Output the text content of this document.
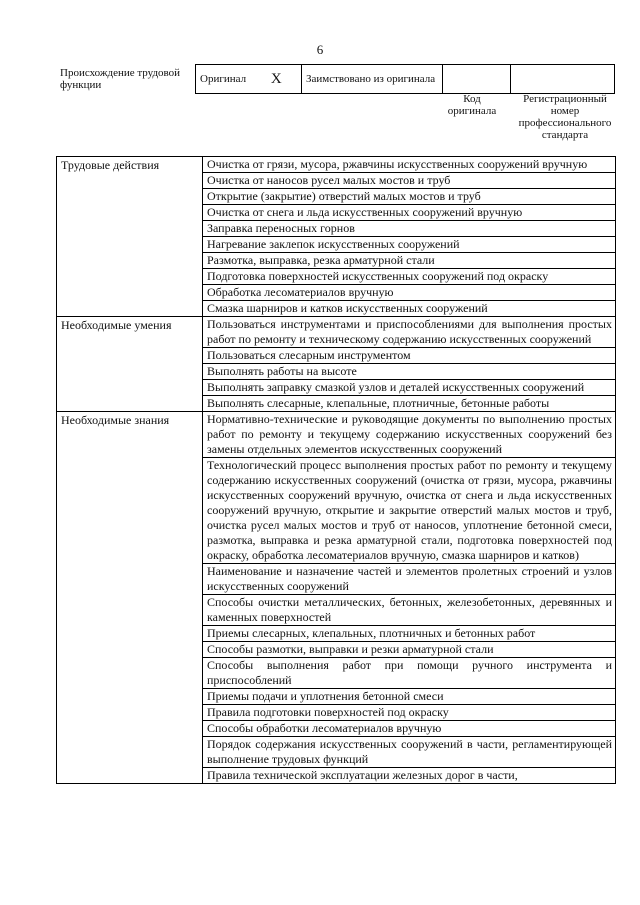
6
Происхождение трудовой функции
Оригинал	X	Заимствовано из оригинала		
Код оригинала
Регистрационный номер профессионального стандарта
Трудовые действия	Очистка от грязи, мусора, ржавчины искусственных сооружений вручную
	Очистка от наносов русел малых мостов и труб
	Открытие (закрытие) отверстий малых мостов и труб
	Очистка от снега и льда искусственных сооружений вручную
	Заправка переносных горнов
	Нагревание заклепок искусственных сооружений
	Размотка, выправка, резка арматурной стали
	Подготовка поверхностей искусственных сооружений под окраску
	Обработка лесоматериалов вручную
	Смазка шарниров и катков искусственных сооружений
Необходимые умения	Пользоваться инструментами и приспособлениями для выполнения простых работ по ремонту и техническому содержанию искусственных сооружений
	Пользоваться слесарным инструментом
	Выполнять работы на высоте
	Выполнять заправку смазкой узлов и деталей искусственных сооружений
	Выполнять слесарные, клепальные, плотничные, бетонные работы
Необходимые знания	Нормативно-технические и руководящие документы по выполнению простых работ по ремонту и текущему содержанию искусственных сооружений без замены отдельных элементов искусственных сооружений
	Технологический процесс выполнения простых работ по ремонту и текущему содержанию искусственных сооружений (очистка от грязи, мусора, ржавчины искусственных сооружений вручную, очистка от снега и льда искусственных сооружений вручную, открытие и закрытие отверстий малых мостов и труб, очистка русел малых мостов и труб от наносов, уплотнение бетонной смеси, размотка, выправка и резка арматурной стали, подготовка поверхностей под окраску, обработка лесоматериалов вручную, смазка шарниров и катков)
	Наименование и назначение частей и элементов пролетных строений и узлов искусственных сооружений
	Способы очистки металлических, бетонных, железобетонных, деревянных и каменных поверхностей
	Приемы слесарных, клепальных, плотничных и бетонных работ
	Способы размотки, выправки и резки арматурной стали
	Способы выполнения работ при помощи ручного инструмента и приспособлений
	Приемы подачи и уплотнения бетонной смеси
	Правила подготовки поверхностей под окраску
	Способы обработки лесоматериалов вручную
	Порядок содержания искусственных сооружений в части, регламентирующей выполнение трудовых функций
	Правила технической эксплуатации железных дорог в части,
